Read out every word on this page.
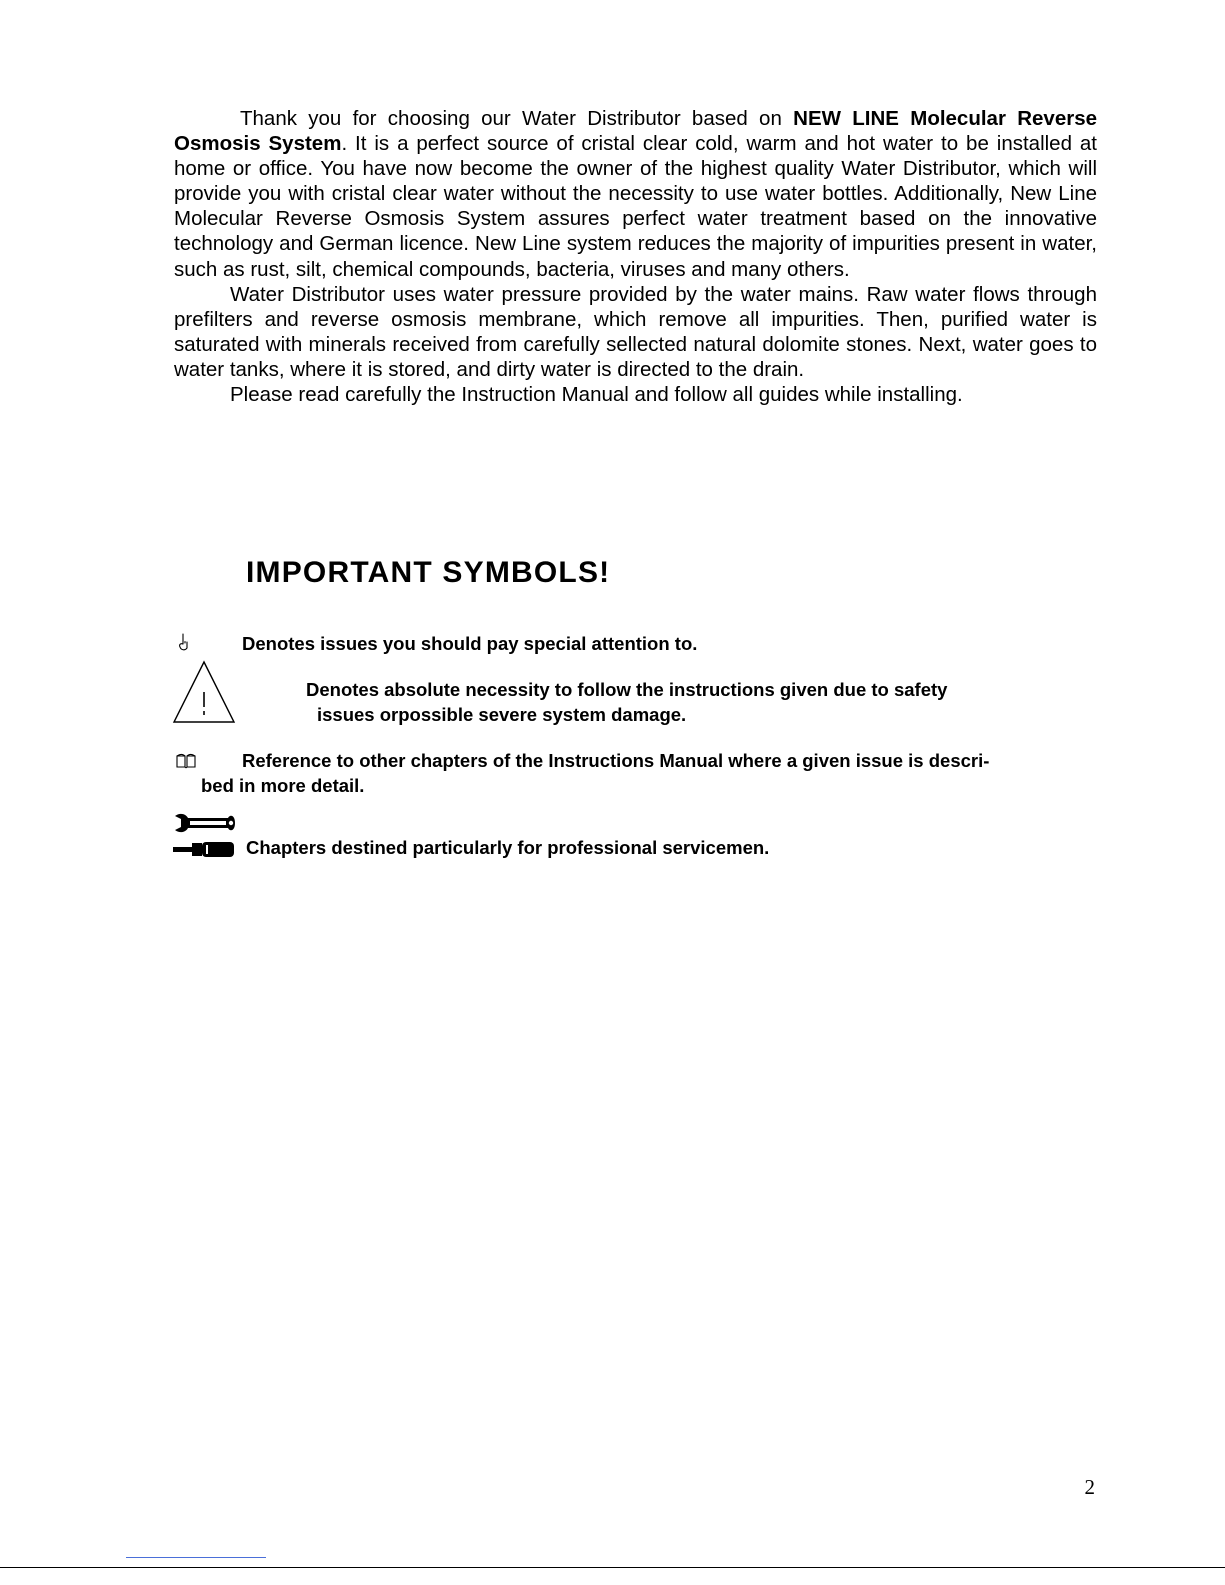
Thank you for choosing our Water Distributor based on NEW LINE Molecular Reverse Osmosis System. It is a perfect source of cristal clear cold, warm and hot water to be installed at home or office. You have now become the owner of the highest quality Water Distributor, which will provide you with cristal clear water without the necessity to use water bottles. Additionally, New Line Molecular Reverse Osmosis System assures perfect water treatment based on the innovative technology and German licence. New Line system reduces the majority of impurities present in water, such as rust, silt, chemical compounds, bacteria, viruses and many others.

Water Distributor uses water pressure provided by the water mains. Raw water flows through prefilters and reverse osmosis membrane, which remove all impurities. Then, purified water is saturated with minerals received from carefully sellected natural dolomite stones. Next, water goes to water tanks, where it is stored, and dirty water is directed to the drain.

Please read carefully the Instruction Manual and follow all guides while installing.

IMPORTANT SYMBOLS!
Denotes issues you should pay special attention to.
Denotes absolute necessity to follow the instructions given due to safety
issues orpossible severe system damage.
Reference to other chapters of the Instructions Manual where a given issue is descri-
bed in more detail.
Chapters destined particularly for professional servicemen.
2
